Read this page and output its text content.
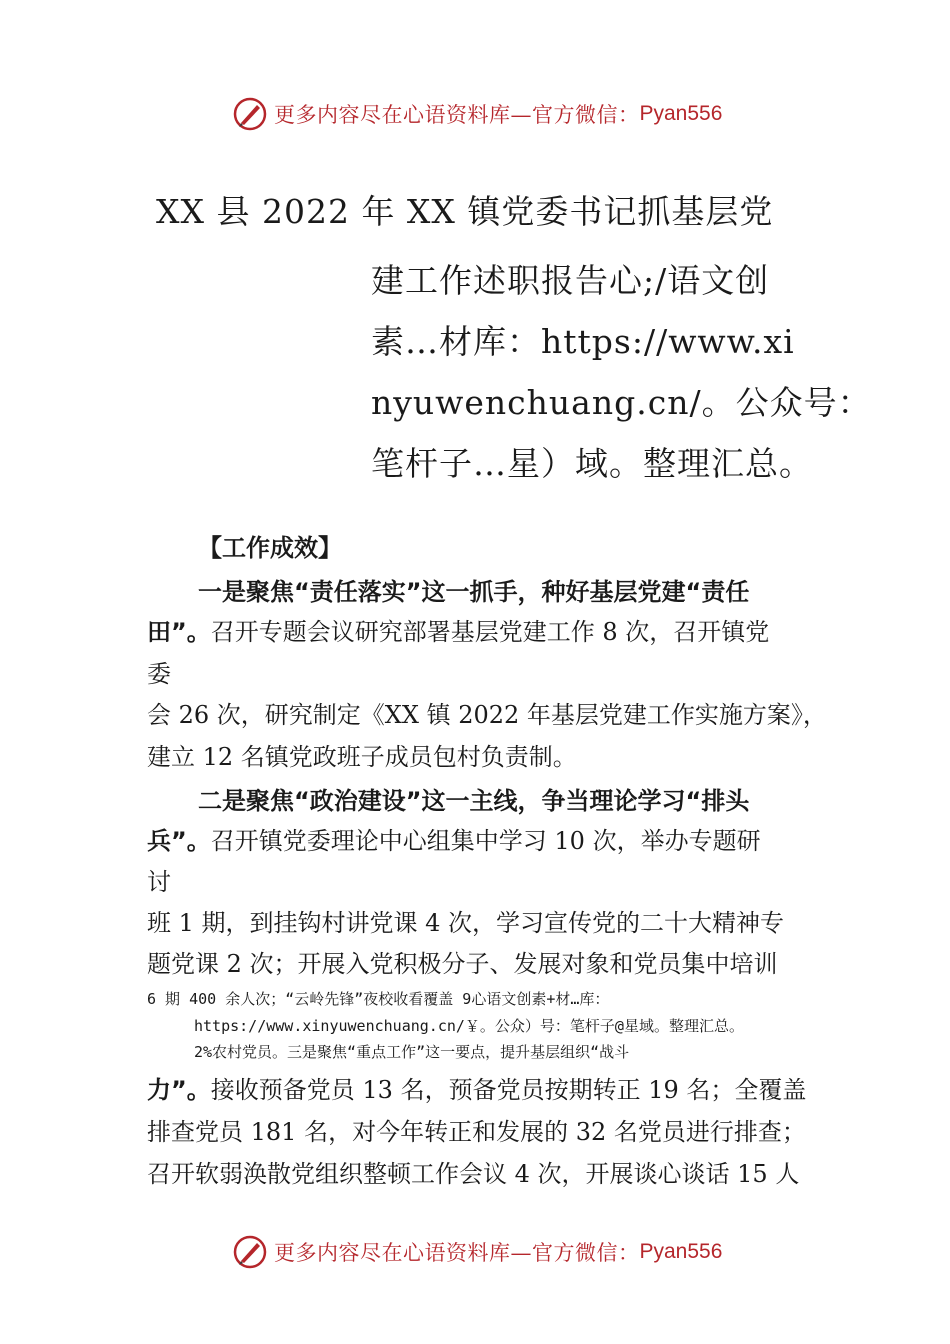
更多内容尽在心语资料库—官方微信： Pyan556
XX 县 2022 年 XX 镇党委书记抓基层党
建工作述职报告心;/语文创
素…材库：https://www.xi
nyuwenchuang.cn/。公众号：
笔杆子…星）域。整理汇总。
【工作成效】
一是聚焦“责任落实”这一抓手，种好基层党建“责任
田”。召开专题会议研究部署基层党建工作 8 次，召开镇党
委
会 26 次，研究制定《XX 镇 2022 年基层党建工作实施方案》，
建立 12 名镇党政班子成员包村负责制。
二是聚焦“政治建设”这一主线，争当理论学习“排头
兵”。召开镇党委理论中心组集中学习 10 次，举办专题研
讨
班 1 期，到挂钩村讲党课 4 次，学习宣传党的二十大精神专
题党课 2 次；开展入党积极分子、发展对象和党员集中培训
6 期 400 余人次；“云岭先锋”夜校收看覆盖 9心语文创素+材…库：
https://www.xinyuwenchuang.cn/￥。公众）号：笔杆子@星域。整理汇总。
2%农村党员。三是聚焦“重点工作”这一要点，提升基层组织“战斗
力”。接收预备党员 13 名，预备党员按期转正 19 名；全覆盖
排查党员 181 名，对今年转正和发展的 32 名党员进行排查；
召开软弱涣散党组织整顿工作会议 4 次，开展谈心谈话 15 人
更多内容尽在心语资料库—官方微信： Pyan556
